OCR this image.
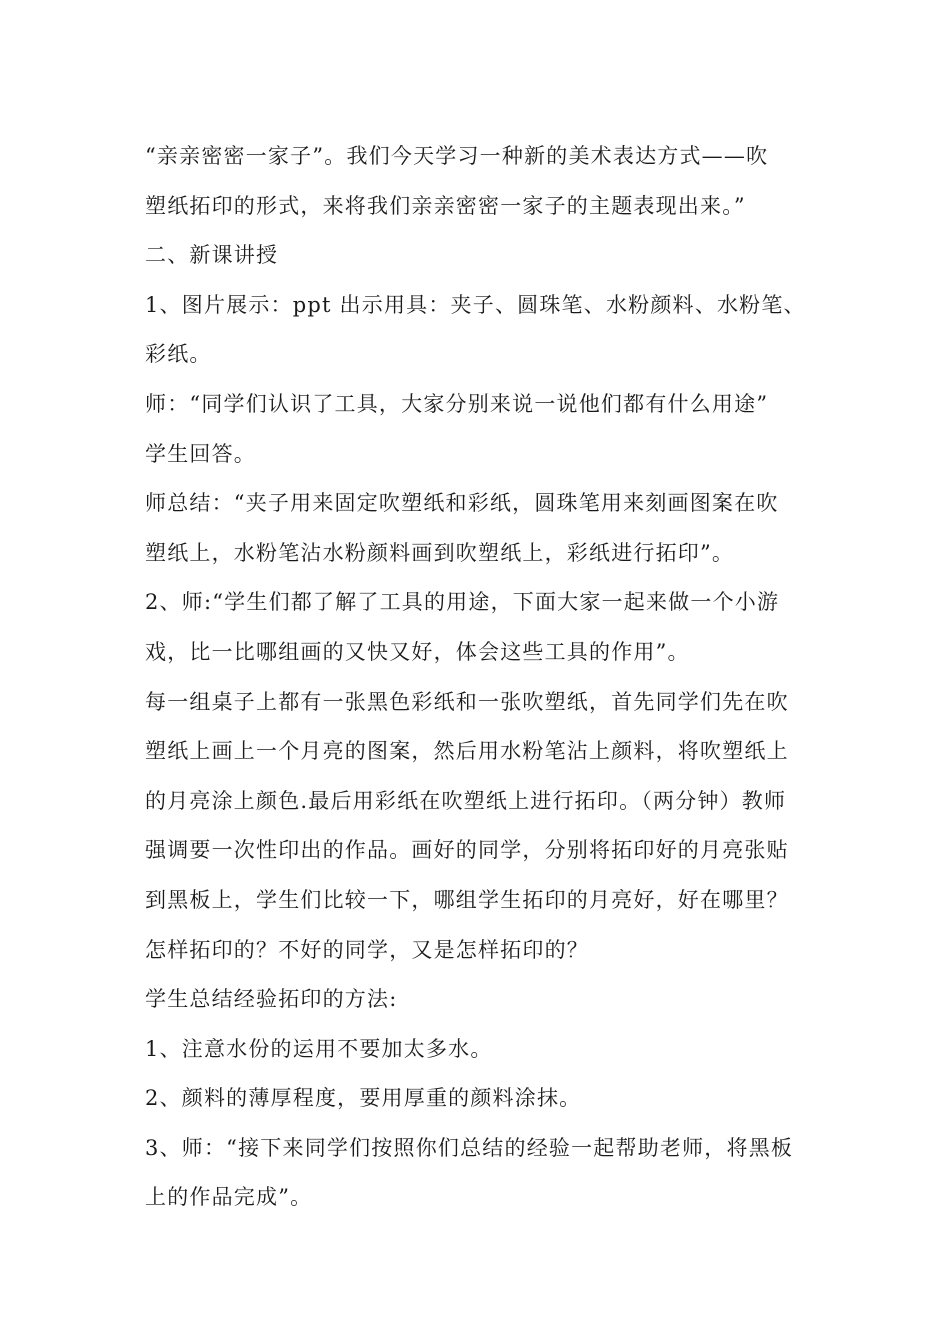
“亲亲密密一家子”。我们今天学习一种新的美术表达方式——吹
塑纸拓印的形式，来将我们亲亲密密一家子的主题表现出来。”
二、新课讲授
1、图片展示：ppt 出示用具：夹子、圆珠笔、水粉颜料、水粉笔、
彩纸。
师：“同学们认识了工具，大家分别来说一说他们都有什么用途”
学生回答。
师总结：“夹子用来固定吹塑纸和彩纸，圆珠笔用来刻画图案在吹
塑纸上，水粉笔沾水粉颜料画到吹塑纸上，彩纸进行拓印”。
2、师:“学生们都了解了工具的用途，下面大家一起来做一个小游
戏，比一比哪组画的又快又好，体会这些工具的作用”。
每一组桌子上都有一张黑色彩纸和一张吹塑纸，首先同学们先在吹
塑纸上画上一个月亮的图案，然后用水粉笔沾上颜料，将吹塑纸上
的月亮涂上颜色.最后用彩纸在吹塑纸上进行拓印。（两分钟）教师
强调要一次性印出的作品。画好的同学，分别将拓印好的月亮张贴
到黑板上，学生们比较一下，哪组学生拓印的月亮好，好在哪里？
怎样拓印的？不好的同学，又是怎样拓印的？
学生总结经验拓印的方法:
1、注意水份的运用不要加太多水。
2、颜料的薄厚程度，要用厚重的颜料涂抹。
3、师：“接下来同学们按照你们总结的经验一起帮助老师，将黑板
上的作品完成”。
